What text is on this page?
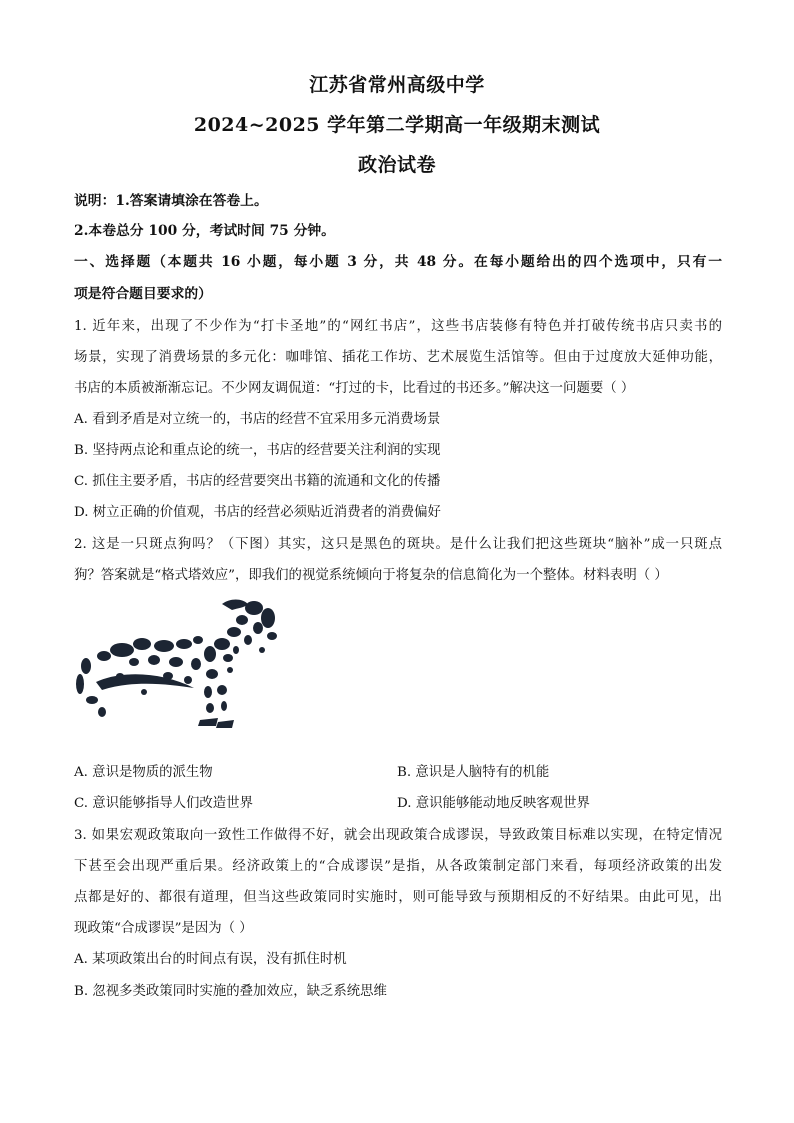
江苏省常州高级中学
2024~2025 学年第二学期高一年级期末测试
政治试卷
说明：1.答案请填涂在答卷上。
2.本卷总分 100 分，考试时间 75 分钟。
一、选择题（本题共 16 小题，每小题 3 分，共 48 分。在每小题给出的四个选项中，只有一
项是符合题目要求的）
1. 近年来，出现了不少作为“打卡圣地”的“网红书店”，这些书店装修有特色并打破传统书店只卖书的
场景，实现了消费场景的多元化：咖啡馆、插花工作坊、艺术展览生活馆等。但由于过度放大延伸功能，
书店的本质被渐渐忘记。不少网友调侃道：“打过的卡，比看过的书还多。”解决这一问题要（ ）
A. 看到矛盾是对立统一的，书店的经营不宜采用多元消费场景
B. 坚持两点论和重点论的统一，书店的经营要关注利润的实现
C. 抓住主要矛盾，书店的经营要突出书籍的流通和文化的传播
D. 树立正确的价值观，书店的经营必须贴近消费者的消费偏好
2. 这是一只斑点狗吗？（下图）其实，这只是黑色的斑块。是什么让我们把这些斑块“脑补”成一只斑点
狗？答案就是“格式塔效应”，即我们的视觉系统倾向于将复杂的信息简化为一个整体。材料表明（ ）
A. 意识是物质的派生物	B. 意识是人脑特有的机能
C. 意识能够指导人们改造世界	D. 意识能够能动地反映客观世界
3. 如果宏观政策取向一致性工作做得不好，就会出现政策合成谬误，导致政策目标难以实现，在特定情况
下甚至会出现严重后果。经济政策上的“合成谬误”是指，从各政策制定部门来看，每项经济政策的出发
点都是好的、都很有道理，但当这些政策同时实施时，则可能导致与预期相反的不好结果。由此可见，出
现政策“合成谬误”是因为（ ）
A. 某项政策出台的时间点有误，没有抓住时机
B. 忽视多类政策同时实施的叠加效应，缺乏系统思维
